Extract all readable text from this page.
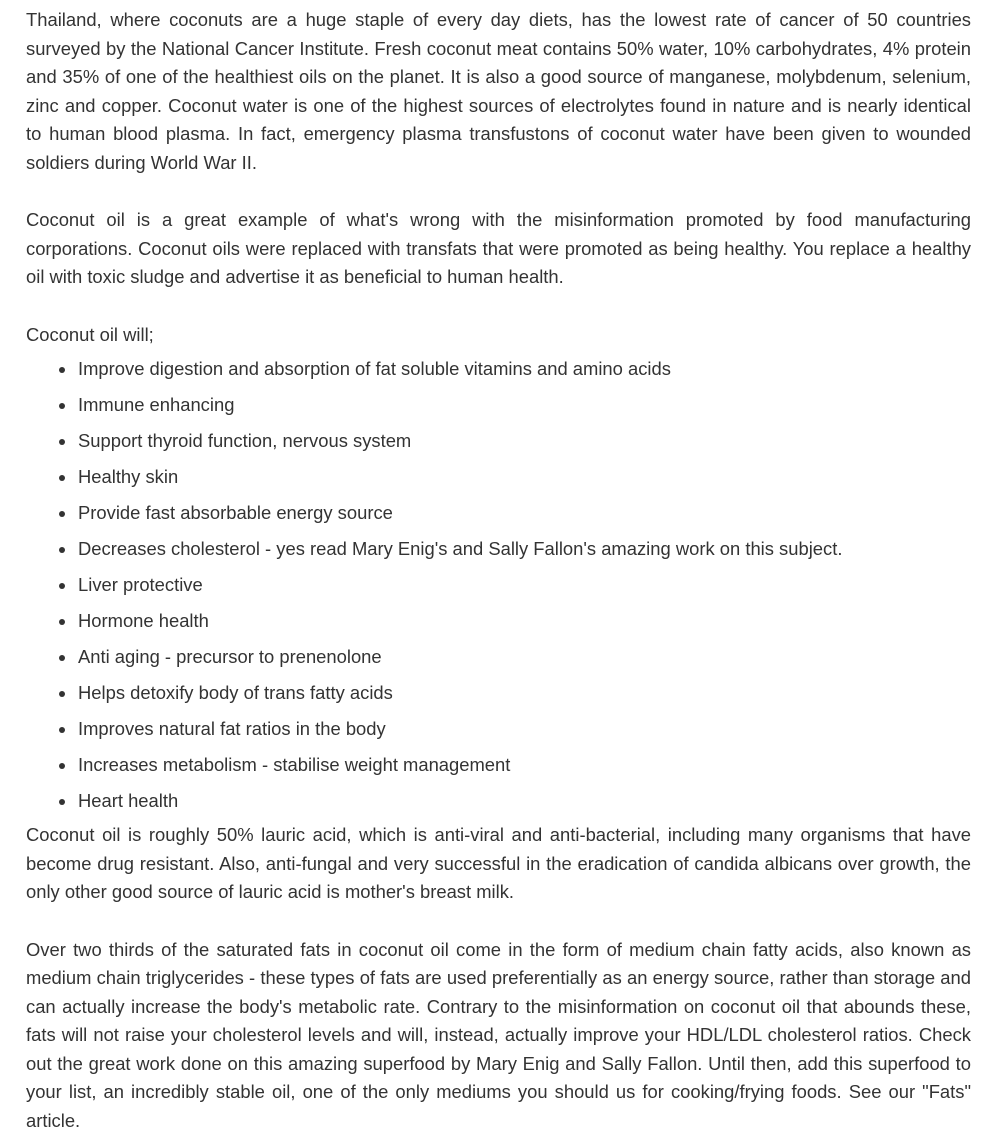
Thailand, where coconuts are a huge staple of every day diets, has the lowest rate of cancer of 50 countries surveyed by the National Cancer Institute. Fresh coconut meat contains 50% water, 10% carbohydrates, 4% protein and 35% of one of the healthiest oils on the planet. It is also a good source of manganese, molybdenum, selenium, zinc and copper. Coconut water is one of the highest sources of electrolytes found in nature and is nearly identical to human blood plasma. In fact, emergency plasma transfustons of coconut water have been given to wounded soldiers during World War II.

Coconut oil is a great example of what's wrong with the misinformation promoted by food manufacturing corporations. Coconut oils were replaced with transfats that were promoted as being healthy. You replace a healthy oil with toxic sludge and advertise it as beneficial to human health.

Coconut oil will;

Improve digestion and absorption of fat soluble vitamins and amino acids
Immune enhancing
Support thyroid function, nervous system
Healthy skin
Provide fast absorbable energy source
Decreases cholesterol - yes read Mary Enig's and Sally Fallon's amazing work on this subject.
Liver protective
Hormone health
Anti aging - precursor to prenenolone
Helps detoxify body of trans fatty acids
Improves natural fat ratios in the body
Increases metabolism - stabilise weight management
Heart health

Coconut oil is roughly 50% lauric acid, which is anti-viral and anti-bacterial, including many organisms that have become drug resistant. Also, anti-fungal and very successful in the eradication of candida albicans over growth, the only other good source of lauric acid is mother's breast milk.

Over two thirds of the saturated fats in coconut oil come in the form of medium chain fatty acids, also known as medium chain triglycerides - these types of fats are used preferentially as an energy source, rather than storage and can actually increase the body's metabolic rate. Contrary to the misinformation on coconut oil that abounds these, fats will not raise your cholesterol levels and will, instead, actually improve your HDL/LDL cholesterol ratios. Check out the great work done on this amazing superfood by Mary Enig and Sally Fallon. Until then, add this superfood to your list, an incredibly stable oil, one of the only mediums you should us for cooking/frying foods. See our "Fats" article.
